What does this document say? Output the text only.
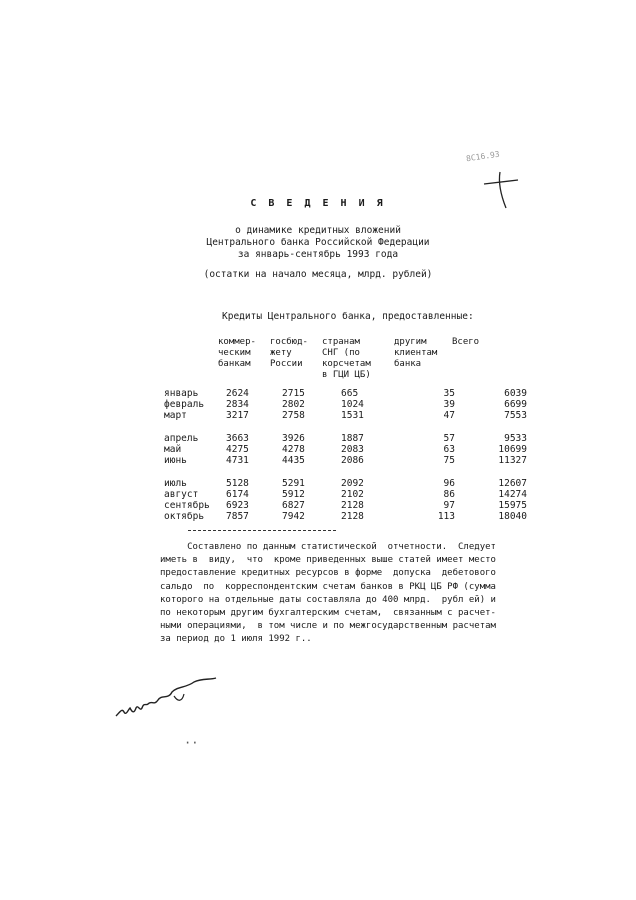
8С16.93
С В Е Д Е Н И Я
о динамике кредитных вложений
Центрального банка Российской Федерации
за январь-сентябрь 1993 года
(остатки на начало месяца, млрд. рублей)
Кредиты Центрального банка, предоставленные:
коммер-
ческим
банкам
госбюд-
жету
России
странам
СНГ (по
корсчетам
в ГЦИ ЦБ)
другим
клиентам
банка
Всего
январь	2624	2715	665	35	6039
февраль	2834	2802	1024	39	6699
март	3217	2758	1531	47	7553

апрель	3663	3926	1887	57	9533
май	4275	4278	2083	63	10699
июнь	4731	4435	2086	75	11327

июль	5128	5291	2092	96	12607
август	6174	5912	2102	86	14274
сентябрь	6923	6827	2128	97	15975
октябрь	7857	7942	2128	113	18040

Составлено по данным статистической  отчетности.  Следует

иметь в  виду,  что  кроме приведенных выше статей имеет место

предоставление кредитных ресурсов в форме  допуска  дебетового

сальдо  по  корреспондентским счетам банков в РКЦ ЦБ РФ (сумма

которого на отдельные даты составляла до 400 млрд.  рубл ей) и

по некоторым другим бухгалтерским счетам,  связанным с расчет-

ными операциями,  в том числе и по межгосударственным расчетам

за период до 1 июля 1992 г..

··
